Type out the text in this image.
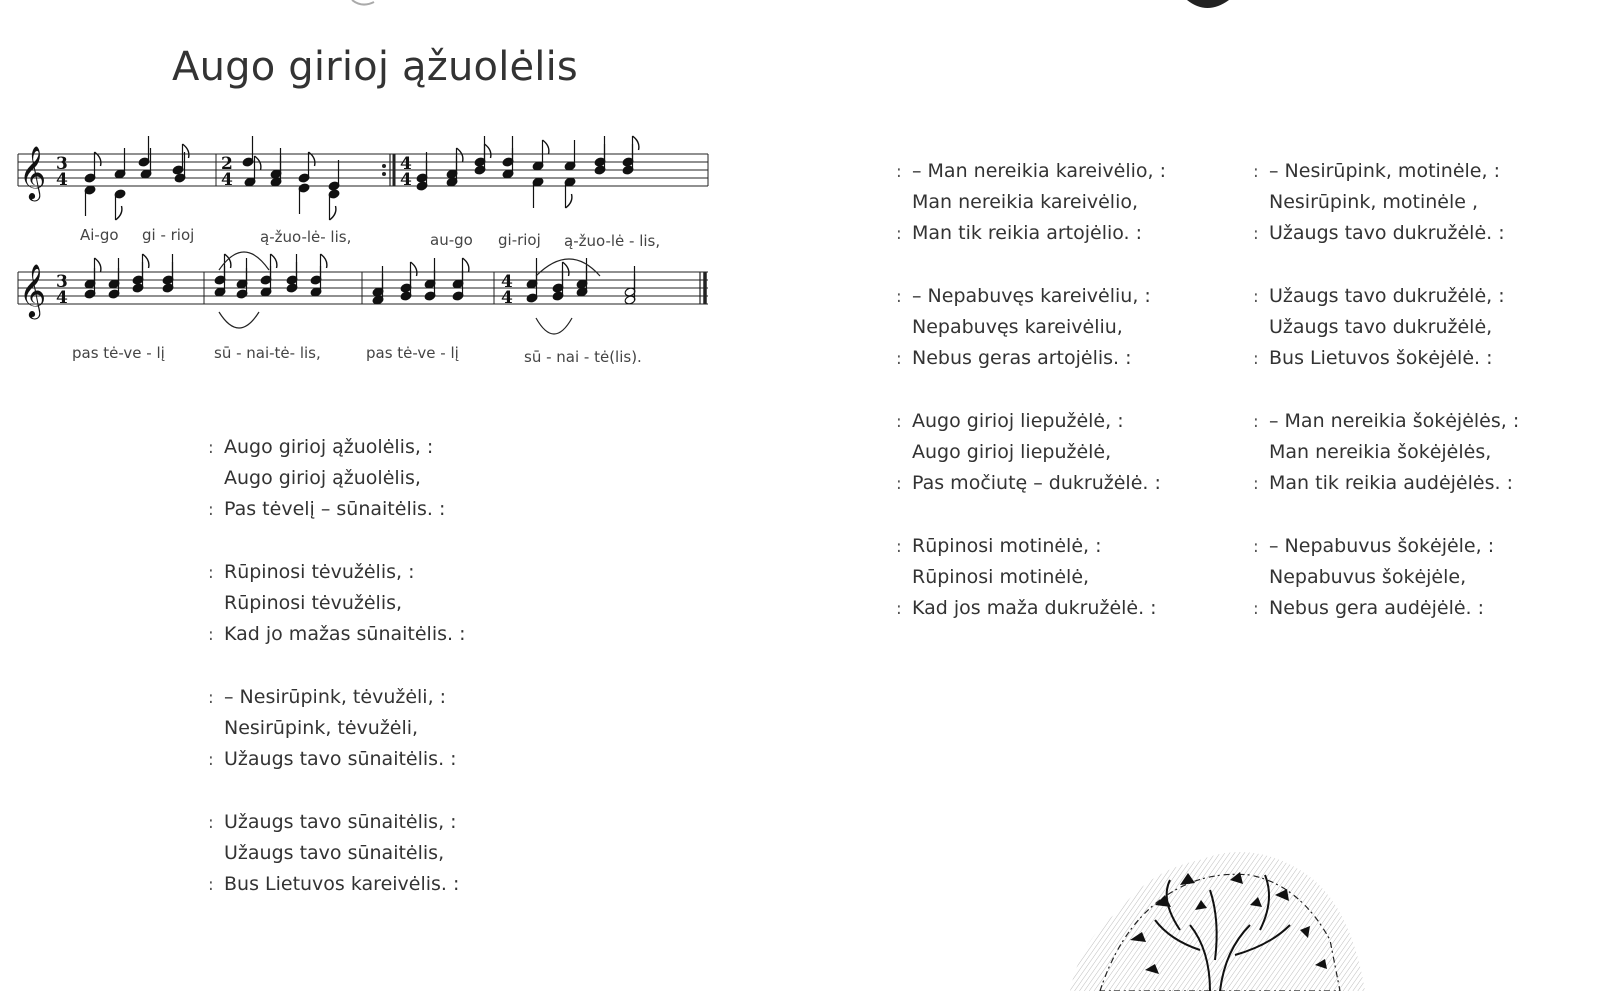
Augo girioj ąžuolėlis
𝄞 3
4
2
4
4
4
Ai-go gi - rioj	ą-žuo-lė- lis,	au-go gi-rioj ą-žuo-lė - lis,
𝄞 3
4
4
4
pas tė-ve - lį	sū - nai-tė- lis,	pas tė-ve - lį	sū - nai - tė(lis).
: Augo girioj ąžuolėlis, :
Augo girioj ąžuolėlis,
: Pas tėvelį – sūnaitėlis. :
: Rūpinosi tėvužėlis, :
Rūpinosi tėvužėlis,
: Kad jo mažas sūnaitėlis. :
: – Nesirūpink, tėvužėli, :
Nesirūpink, tėvužėli,
: Užaugs tavo sūnaitėlis. :
: Užaugs tavo sūnaitėlis, :
Užaugs tavo sūnaitėlis,
: Bus Lietuvos kareivėlis. :
: – Man nereikia kareivėlio, :
Man nereikia kareivėlio,
: Man tik reikia artojėlio. :
: – Nepabuvęs kareivėliu, :
Nepabuvęs kareivėliu,
: Nebus geras artojėlis. :
: Augo girioj liepužėlė, :
Augo girioj liepužėlė,
: Pas močiutę – dukružėlė. :
: Rūpinosi motinėlė, :
Rūpinosi motinėlė,
: Kad jos maža dukružėlė. :
: – Nesirūpink, motinėle, :
Nesirūpink, motinėle ,
: Užaugs tavo dukružėlė. :
: Užaugs tavo dukružėlė, :
Užaugs tavo dukružėlė,
: Bus Lietuvos šokėjėlė. :
: – Man nereikia šokėjėlės, :
Man nereikia šokėjėlės,
: Man tik reikia audėjėlės. :
: – Nepabuvus šokėjėle, :
Nepabuvus šokėjėle,
: Nebus gera audėjėlė. :
